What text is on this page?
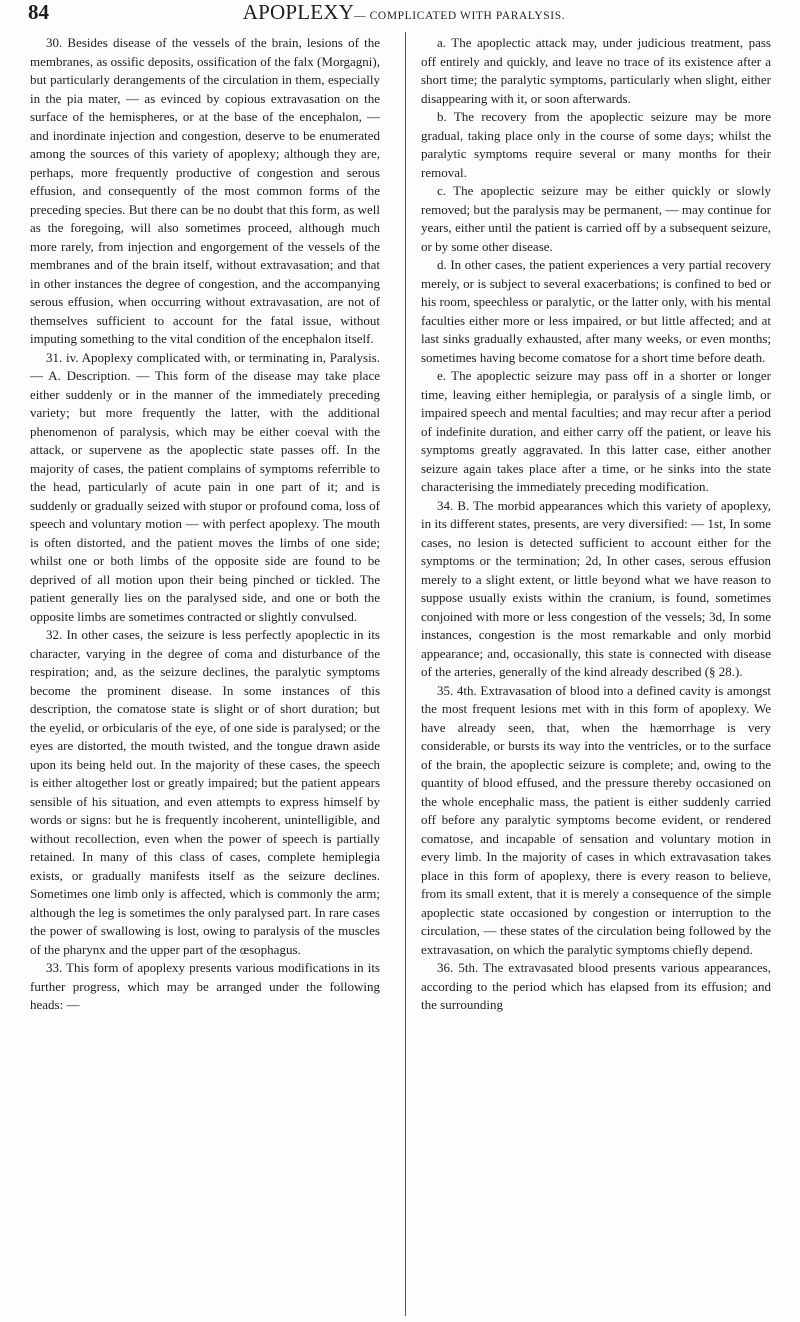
84	APOPLEXY— COMPLICATED WITH PARALYSIS.

30. Besides disease of the vessels of the brain, lesions of the membranes, as ossific deposits, ossification of the falx (Morgagni), but particularly derangements of the circulation in them, especially in the pia mater, — as evinced by copious extravasation on the surface of the hemispheres, or at the base of the encephalon, — and inordinate injection and congestion, deserve to be enumerated among the sources of this variety of apoplexy; although they are, perhaps, more frequently productive of congestion and serous effusion, and consequently of the most common forms of the preceding species. But there can be no doubt that this form, as well as the foregoing, will also sometimes proceed, although much more rarely, from injection and engorgement of the vessels of the membranes and of the brain itself, without extravasation; and that in other instances the degree of congestion, and the accompanying serous effusion, when occurring without extravasation, are not of themselves sufficient to account for the fatal issue, without imputing something to the vital condition of the encephalon itself.

31. iv. Apoplexy complicated with, or terminating in, Paralysis. — A. Description. — This form of the disease may take place either suddenly or in the manner of the immediately preceding variety; but more frequently the latter, with the additional phenomenon of paralysis, which may be either coeval with the attack, or supervene as the apoplectic state passes off. In the majority of cases, the patient complains of symptoms referrible to the head, particularly of acute pain in one part of it; and is suddenly or gradually seized with stupor or profound coma, loss of speech and voluntary motion — with perfect apoplexy. The mouth is often distorted, and the patient moves the limbs of one side; whilst one or both limbs of the opposite side are found to be deprived of all motion upon their being pinched or tickled. The patient generally lies on the paralysed side, and one or both the opposite limbs are sometimes contracted or slightly convulsed.

32. In other cases, the seizure is less perfectly apoplectic in its character, varying in the degree of coma and disturbance of the respiration; and, as the seizure declines, the paralytic symptoms become the prominent disease. In some instances of this description, the comatose state is slight or of short duration; but the eyelid, or orbicularis of the eye, of one side is paralysed; or the eyes are distorted, the mouth twisted, and the tongue drawn aside upon its being held out. In the majority of these cases, the speech is either altogether lost or greatly impaired; but the patient appears sensible of his situation, and even attempts to express himself by words or signs: but he is frequently incoherent, unintelligible, and without recollection, even when the power of speech is partially retained. In many of this class of cases, complete hemiplegia exists, or gradually manifests itself as the seizure declines. Sometimes one limb only is affected, which is commonly the arm; although the leg is sometimes the only paralysed part. In rare cases the power of swallowing is lost, owing to paralysis of the muscles of the pharynx and the upper part of the œsophagus.

33. This form of apoplexy presents various modifications in its further progress, which may be arranged under the following heads: —

a. The apoplectic attack may, under judicious treatment, pass off entirely and quickly, and leave no trace of its existence after a short time; the paralytic symptoms, particularly when slight, either disappearing with it, or soon afterwards.

b. The recovery from the apoplectic seizure may be more gradual, taking place only in the course of some days; whilst the paralytic symptoms require several or many months for their removal.

c. The apoplectic seizure may be either quickly or slowly removed; but the paralysis may be permanent, — may continue for years, either until the patient is carried off by a subsequent seizure, or by some other disease.

d. In other cases, the patient experiences a very partial recovery merely, or is subject to several exacerbations; is confined to bed or his room, speechless or paralytic, or the latter only, with his mental faculties either more or less impaired, or but little affected; and at last sinks gradually exhausted, after many weeks, or even months; sometimes having become comatose for a short time before death.

e. The apoplectic seizure may pass off in a shorter or longer time, leaving either hemiplegia, or paralysis of a single limb, or impaired speech and mental faculties; and may recur after a period of indefinite duration, and either carry off the patient, or leave his symptoms greatly aggravated. In this latter case, either another seizure again takes place after a time, or he sinks into the state characterising the immediately preceding modification.

34. B. The morbid appearances which this variety of apoplexy, in its different states, presents, are very diversified: — 1st, In some cases, no lesion is detected sufficient to account either for the symptoms or the termination; 2d, In other cases, serous effusion merely to a slight extent, or little beyond what we have reason to suppose usually exists within the cranium, is found, sometimes conjoined with more or less congestion of the vessels; 3d, In some instances, congestion is the most remarkable and only morbid appearance; and, occasionally, this state is connected with disease of the arteries, generally of the kind already described (§ 28.).

35. 4th. Extravasation of blood into a defined cavity is amongst the most frequent lesions met with in this form of apoplexy. We have already seen, that, when the hæmorrhage is very considerable, or bursts its way into the ventricles, or to the surface of the brain, the apoplectic seizure is complete; and, owing to the quantity of blood effused, and the pressure thereby occasioned on the whole encephalic mass, the patient is either suddenly carried off before any paralytic symptoms become evident, or rendered comatose, and incapable of sensation and voluntary motion in every limb. In the majority of cases in which extravasation takes place in this form of apoplexy, there is every reason to believe, from its small extent, that it is merely a consequence of the simple apoplectic state occasioned by congestion or interruption to the circulation, — these states of the circulation being followed by the extravasation, on which the paralytic symptoms chiefly depend.

36. 5th. The extravasated blood presents various appearances, according to the period which has elapsed from its effusion; and the surrounding
